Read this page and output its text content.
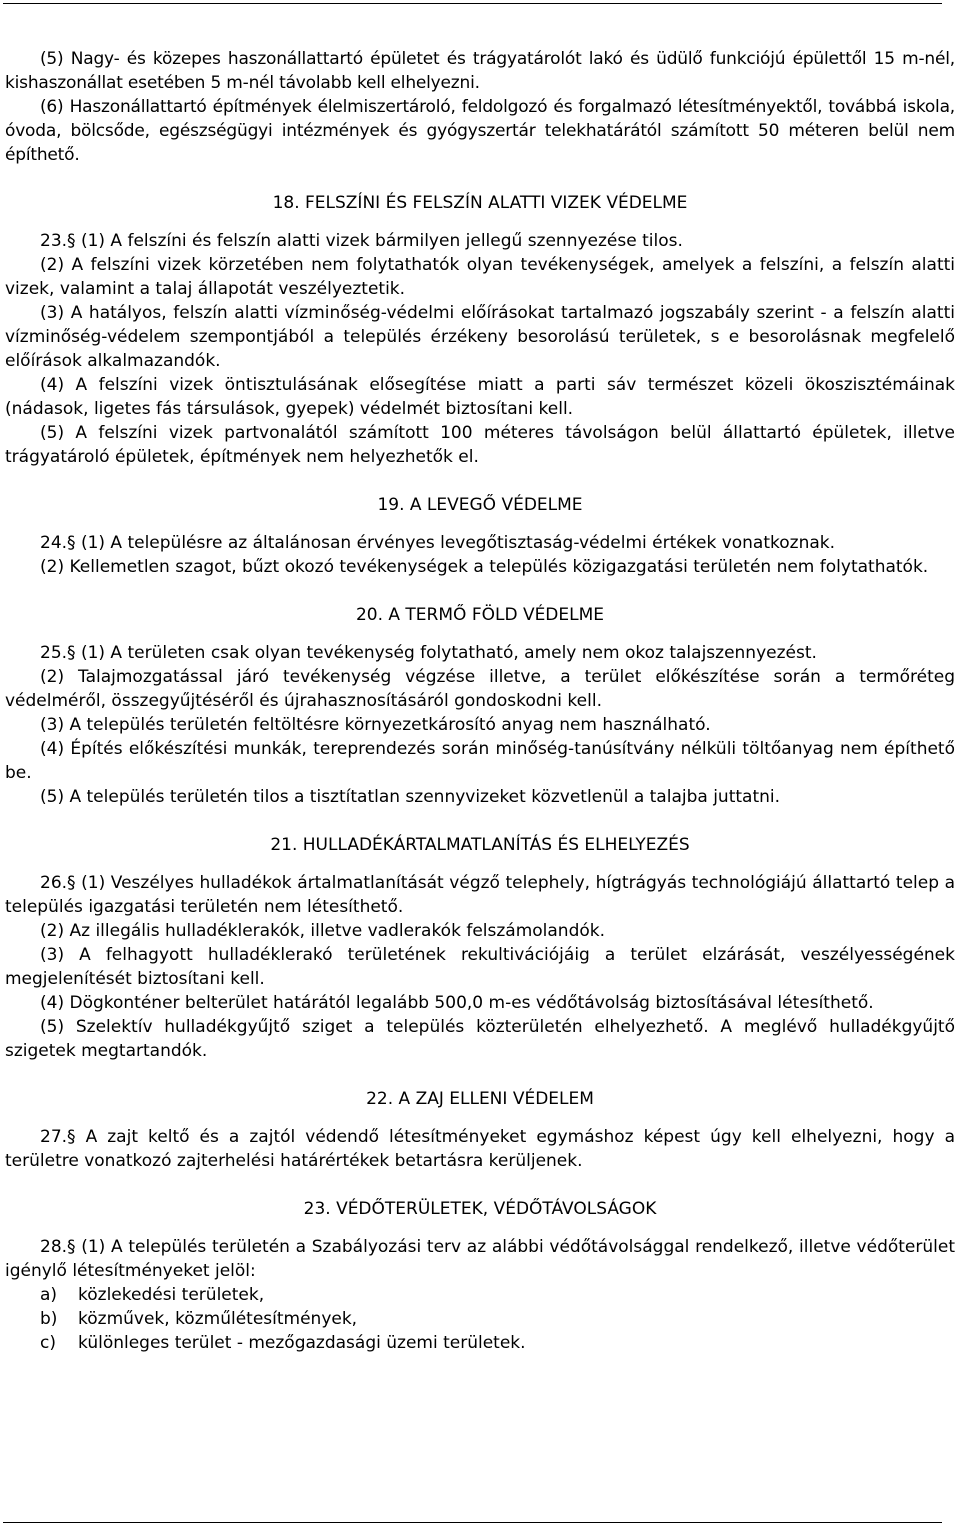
(5) Nagy- és közepes haszonállattartó épületet és trágyatárolót lakó és üdülő funkciójú épülettől 15 m-nél, kishaszonállat esetében 5 m-nél távolabb kell elhelyezni.

(6) Haszonállattartó építmények élelmiszertároló, feldolgozó és forgalmazó létesítményektől, továbbá iskola, óvoda, bölcsőde, egészségügyi intézmények és gyógyszertár telekhatárától számított 50 méteren belül nem építhető.

18. FELSZÍNI ÉS FELSZÍN ALATTI VIZEK VÉDELME

23.§ (1) A felszíni és felszín alatti vizek bármilyen jellegű szennyezése tilos.

(2) A felszíni vizek körzetében nem folytathatók olyan tevékenységek, amelyek a felszíni, a felszín alatti vizek, valamint a talaj állapotát veszélyeztetik.

(3) A hatályos, felszín alatti vízminőség-védelmi előírásokat tartalmazó jogszabály szerint - a felszín alatti vízminőség-védelem szempontjából a település érzékeny besorolású területek, s e besorolásnak megfelelő előírások alkalmazandók.

(4) A felszíni vizek öntisztulásának elősegítése miatt a parti sáv természet közeli ökoszisztémáinak (nádasok, ligetes fás társulások, gyepek) védelmét biztosítani kell.

(5) A felszíni vizek partvonalától számított 100 méteres távolságon belül állattartó épületek, illetve trágyatároló épületek, építmények nem helyezhetők el.

19. A LEVEGŐ VÉDELME

24.§ (1) A településre az általánosan érvényes levegőtisztaság-védelmi értékek vonatkoznak.

(2) Kellemetlen szagot, bűzt okozó tevékenységek a település közigazgatási területén nem folytathatók.

20. A TERMŐ FÖLD VÉDELME

25.§ (1) A területen csak olyan tevékenység folytatható, amely nem okoz talajszennyezést.

(2) Talajmozgatással járó tevékenység végzése illetve, a terület előkészítése során a termőréteg védelméről, összegyűjtéséről és újrahasznosításáról gondoskodni kell.

(3) A település területén feltöltésre környezetkárosító anyag nem használható.

(4) Építés előkészítési munkák, tereprendezés során minőség-tanúsítvány nélküli töltőanyag nem építhető be.

(5) A település területén tilos a tisztítatlan szennyvizeket közvetlenül a talajba juttatni.

21. HULLADÉKÁRTALMATLANÍTÁS ÉS ELHELYEZÉS

26.§ (1) Veszélyes hulladékok ártalmatlanítását végző telephely, hígtrágyás technológiájú állattartó telep a település igazgatási területén nem létesíthető.

(2) Az illegális hulladéklerakók, illetve vadlerakók felszámolandók.

(3) A felhagyott hulladéklerakó területének rekultivációjáig a terület elzárását, veszélyességének megjelenítését biztosítani kell.

(4) Dögkonténer belterület határától legalább 500,0 m-es védőtávolság biztosításával létesíthető.

(5) Szelektív hulladékgyűjtő sziget a település közterületén elhelyezhető. A meglévő hulladékgyűjtő szigetek megtartandók.

22. A ZAJ ELLENI VÉDELEM

27.§ A zajt keltő és a zajtól védendő létesítményeket egymáshoz képest úgy kell elhelyezni, hogy a területre vonatkozó zajterhelési határértékek betartásra kerüljenek.

23. VÉDŐTERÜLETEK, VÉDŐTÁVOLSÁGOK

28.§ (1) A település területén a Szabályozási terv az alábbi védőtávolsággal rendelkező, illetve védőterület igénylő létesítményeket jelöl:

a) közlekedési területek,
b) közművek, közműlétesítmények,
c) különleges terület - mezőgazdasági üzemi területek.
